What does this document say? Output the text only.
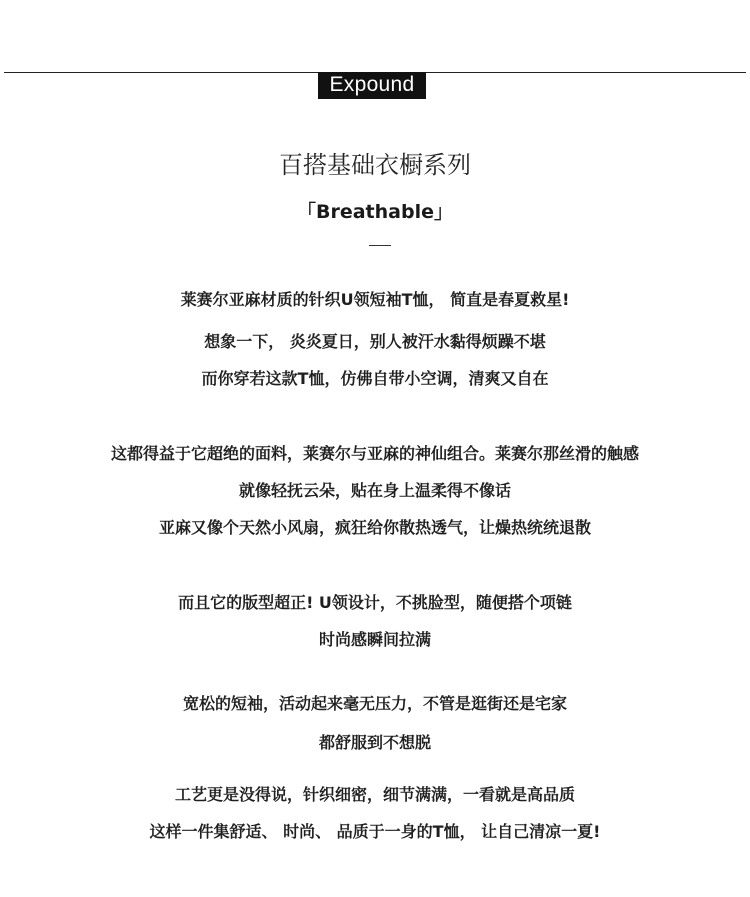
Expound
百搭基础衣橱系列
「Breathable」
莱赛尔亚麻材质的针织U领短袖T恤， 简直是春夏救星!
想象一下， 炎炎夏日，别人被汗水黏得烦躁不堪
而你穿若这款T恤，仿佛自带小空调，清爽又自在
这都得益于它超绝的面料，莱赛尔与亚麻的神仙组合。莱赛尔那丝滑的触感
就像轻抚云朵，贴在身上温柔得不像话
亚麻又像个天然小风扇，疯狂给你散热透气，让燥热统统退散
而且它的版型超正! U领设计，不挑脸型，随便搭个项链
时尚感瞬间拉满
宽松的短袖，活动起来毫无压力，不管是逛街还是宅家
都舒服到不想脱
工艺更是没得说，针织细密，细节满满，一看就是高品质
这样一件集舒适、 时尚、 品质于一身的T恤， 让自己清凉一夏!
